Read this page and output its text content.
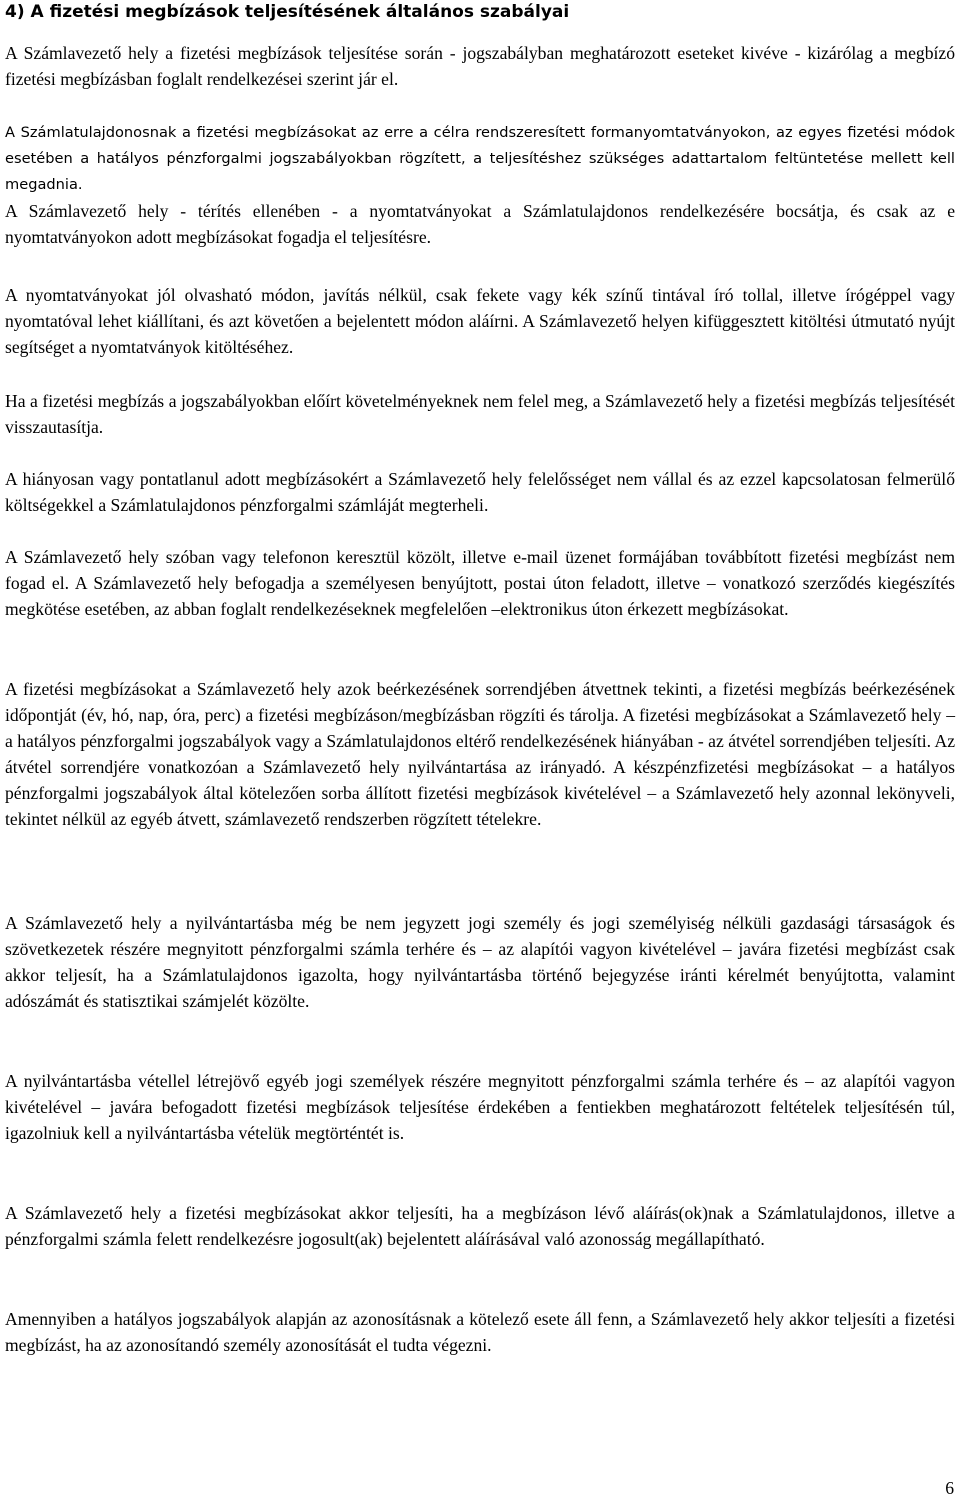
4) A fizetési megbízások teljesítésének általános szabályai

A Számlavezető hely a fizetési megbízások teljesítése során - jogszabályban meghatározott eseteket kivéve - kizárólag a megbízó fizetési megbízásban foglalt rendelkezései szerint jár el.

A Számlatulajdonosnak a fizetési megbízásokat az erre a célra rendszeresített formanyomtatványokon, az egyes fizetési módok esetében a hatályos pénzforgalmi jogszabályokban rögzített, a teljesítéshez szükséges adattartalom feltüntetése mellett kell megadnia.

A Számlavezető hely - térítés ellenében - a nyomtatványokat a Számlatulajdonos rendelkezésére bocsátja, és csak az e nyomtatványokon adott megbízásokat fogadja el teljesítésre.

A nyomtatványokat jól olvasható módon, javítás nélkül, csak fekete vagy kék színű tintával író tollal, illetve írógéppel vagy nyomtatóval lehet kiállítani, és azt követően a bejelentett módon aláírni. A Számlavezető helyen kifüggesztett kitöltési útmutató nyújt segítséget a nyomtatványok kitöltéséhez.

Ha a fizetési megbízás a jogszabályokban előírt követelményeknek nem felel meg, a Számlavezető hely a fizetési megbízás teljesítését visszautasítja.

A hiányosan vagy pontatlanul adott megbízásokért a Számlavezető hely felelősséget nem vállal és az ezzel kapcsolatosan felmerülő költségekkel a Számlatulajdonos pénzforgalmi számláját megterheli.

A Számlavezető hely szóban vagy telefonon keresztül közölt, illetve e-mail üzenet formájában továbbított fizetési megbízást nem fogad el. A Számlavezető hely befogadja a személyesen benyújtott, postai úton feladott, illetve – vonatkozó szerződés kiegészítés megkötése esetében, az abban foglalt rendelkezéseknek megfelelően –elektronikus úton érkezett megbízásokat.

A fizetési megbízásokat a Számlavezető hely azok beérkezésének sorrendjében átvettnek tekinti, a fizetési megbízás beérkezésének időpontját (év, hó, nap, óra, perc) a fizetési megbízáson/megbízásban rögzíti és tárolja. A fizetési megbízásokat a Számlavezető hely – a hatályos pénzforgalmi jogszabályok vagy a Számlatulajdonos eltérő rendelkezésének hiányában - az átvétel sorrendjében teljesíti. Az átvétel sorrendjére vonatkozóan a Számlavezető hely nyilvántartása az irányadó. A készpénzfizetési megbízásokat – a hatályos pénzforgalmi jogszabályok által kötelezően sorba állított fizetési megbízások kivételével – a Számlavezető hely azonnal lekönyveli, tekintet nélkül az egyéb átvett, számlavezető rendszerben rögzített tételekre.

A Számlavezető hely a nyilvántartásba még be nem jegyzett jogi személy és jogi személyiség nélküli gazdasági társaságok és szövetkezetek részére megnyitott pénzforgalmi számla terhére és – az alapítói vagyon kivételével – javára fizetési megbízást csak akkor teljesít, ha a Számlatulajdonos igazolta, hogy nyilvántartásba történő bejegyzése iránti kérelmét benyújtotta, valamint adószámát és statisztikai számjelét közölte.

A nyilvántartásba vétellel létrejövő egyéb jogi személyek részére megnyitott pénzforgalmi számla terhére és – az alapítói vagyon kivételével – javára befogadott fizetési megbízások teljesítése érdekében a fentiekben meghatározott feltételek teljesítésén túl, igazolniuk kell a nyilvántartásba vételük megtörténtét is.

A Számlavezető hely a fizetési megbízásokat akkor teljesíti, ha a megbízáson lévő aláírás(ok)nak a Számlatulajdonos, illetve a pénzforgalmi számla felett rendelkezésre jogosult(ak) bejelentett aláírásával való azonosság megállapítható.

Amennyiben a hatályos jogszabályok alapján az azonosításnak a kötelező esete áll fenn, a Számlavezető hely akkor teljesíti a fizetési megbízást, ha az azonosítandó személy azonosítását el tudta végezni.

6
